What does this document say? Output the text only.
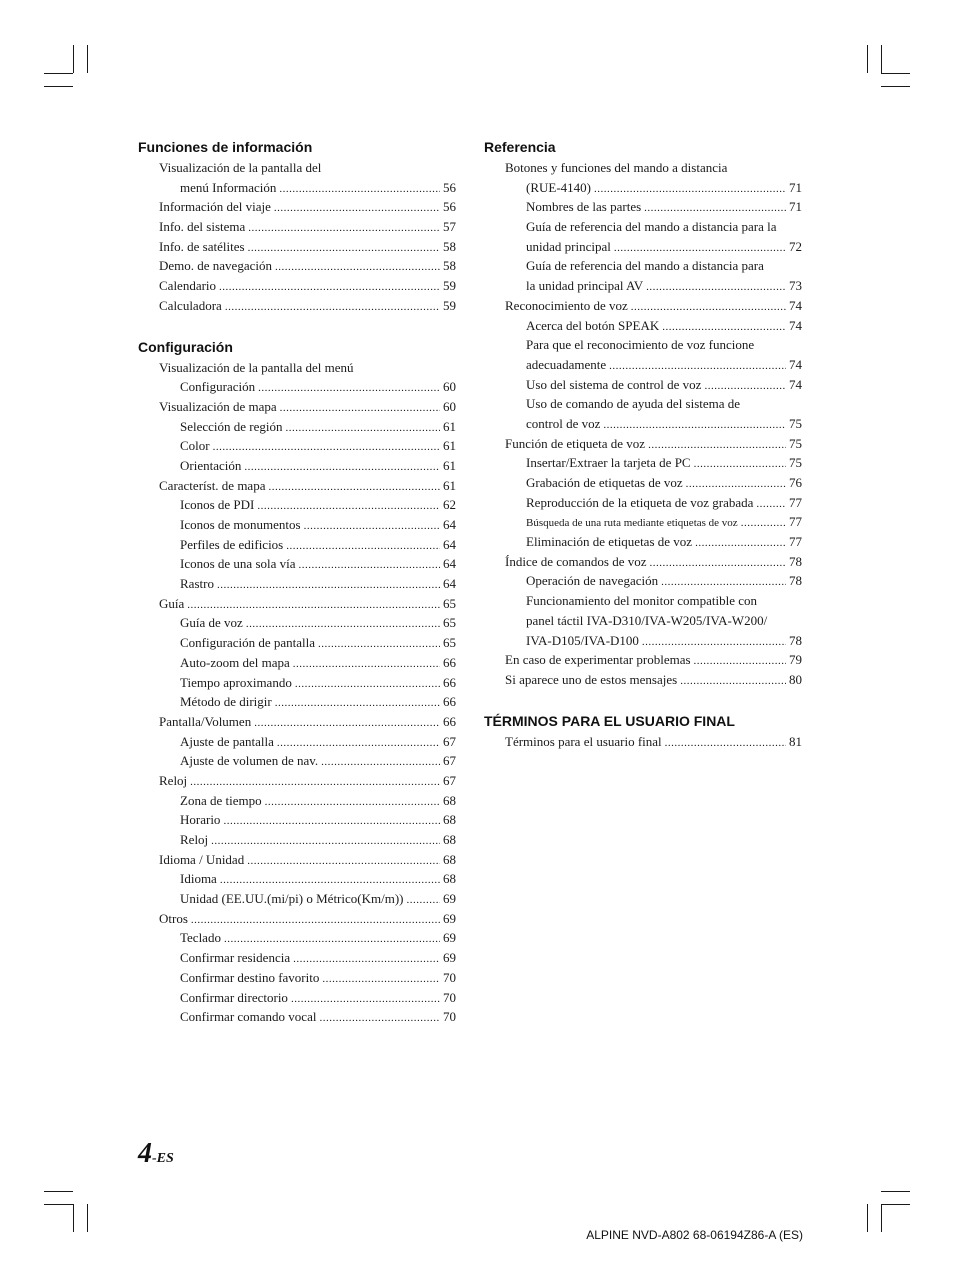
Funciones de información
Visualización de la pantalla del
menú Información .....	56
Información del viaje .....	56
Info. del sistema .....	57
Info. de satélites .....	58
Demo. de navegación .....	58
Calendario .....	59
Calculadora .....	59
Configuración
Visualización de la pantalla del menú
Configuración .....	60
Visualización de mapa .....	60
Selección de región .....	61
Color .....	61
Orientación .....	61
Característ. de mapa .....	61
Iconos de PDI .....	62
Iconos de monumentos .....	64
Perfiles de edificios .....	64
Iconos de una sola vía .....	64
Rastro .....	64
Guía .....	65
Guía de voz .....	65
Configuración de pantalla .....	65
Auto-zoom del mapa .....	66
Tiempo aproximando .....	66
Método de dirigir .....	66
Pantalla/Volumen .....	66
Ajuste de pantalla .....	67
Ajuste de volumen de nav. .....	67
Reloj .....	67
Zona de tiempo .....	68
Horario .....	68
Reloj .....	68
Idioma / Unidad .....	68
Idioma .....	68
Unidad (EE.UU.(mi/pi) o Métrico(Km/m)) .....	69
Otros .....	69
Teclado .....	69
Confirmar residencia .....	69
Confirmar destino favorito .....	70
Confirmar directorio .....	70
Confirmar comando vocal .....	70
Referencia
Botones y funciones del mando a distancia
(RUE-4140) .....	71
Nombres de las partes .....	71
Guía de referencia del mando a distancia para la
unidad principal .....	72
Guía de referencia del mando a distancia para
la unidad principal AV .....	73
Reconocimiento de voz .....	74
Acerca del botón SPEAK .....	74
Para que el reconocimiento de voz funcione
adecuadamente .....	74
Uso del sistema de control de voz .....	74
Uso de comando de ayuda del sistema de
control de voz .....	75
Función de etiqueta de voz .....	75
Insertar/Extraer la tarjeta de PC .....	75
Grabación de etiquetas de voz .....	76
Reproducción de la etiqueta de voz grabada .....	77
Búsqueda de una ruta mediante etiquetas de voz .....	77
Eliminación de etiquetas de voz .....	77
Índice de comandos de voz .....	78
Operación de navegación .....	78
Funcionamiento del monitor compatible con
panel táctil IVA-D310/IVA-W205/IVA-W200/
IVA-D105/IVA-D100 .....	78
En caso de experimentar problemas .....	79
Si aparece uno de estos mensajes .....	80
TÉRMINOS PARA EL USUARIO FINAL
Términos para el usuario final .....	81
4-ES
ALPINE NVD-A802 68-06194Z86-A (ES)
